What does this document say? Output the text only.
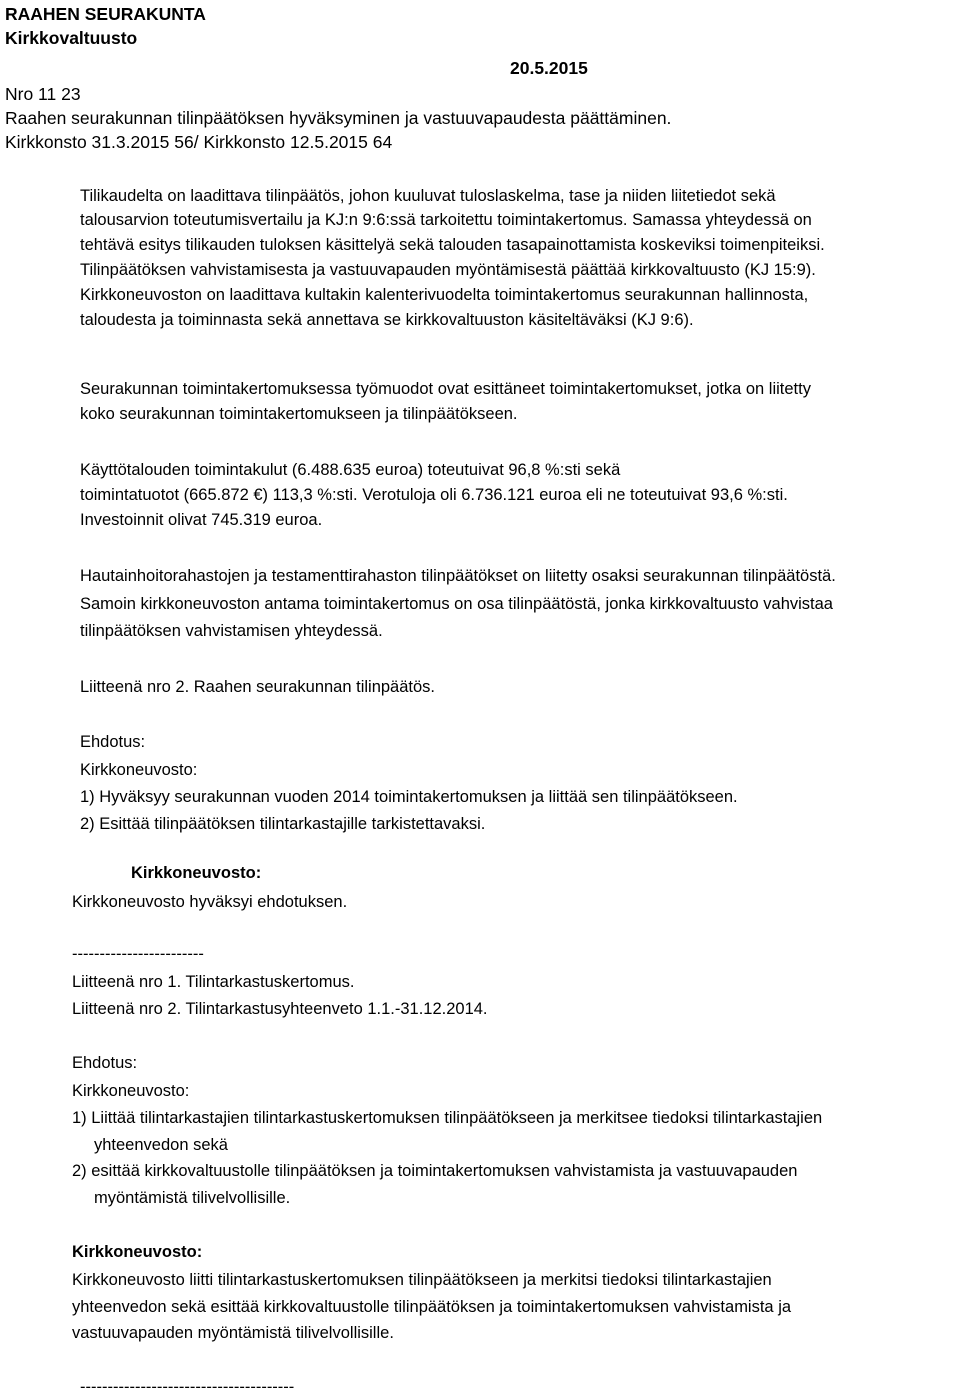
RAAHEN SEURAKUNTA
Kirkkovaltuusto
20.5.2015
Nro 11 23
Raahen seurakunnan tilinpäätöksen hyväksyminen ja vastuuvapaudesta päättäminen.
Kirkkonsto 31.3.2015 56/ Kirkkonsto 12.5.2015 64
Tilikaudelta on laadittava tilinpäätös, johon kuuluvat tuloslaskelma, tase ja niiden liitetiedot sekä
talousarvion toteutumisvertailu ja KJ:n 9:6:ssä tarkoitettu toimintakertomus. Samassa yhteydessä on
tehtävä esitys tilikauden tuloksen käsittelyä sekä talouden tasapainottamista koskeviksi toimenpiteiksi.
Tilinpäätöksen vahvistamisesta ja vastuuvapauden myöntämisestä päättää kirkkovaltuusto (KJ 15:9).
Kirkkoneuvoston on laadittava kultakin kalenterivuodelta toimintakertomus seurakunnan hallinnosta,
taloudesta ja toiminnasta sekä annettava se kirkkovaltuuston käsiteltäväksi (KJ 9:6).
Seurakunnan toimintakertomuksessa työmuodot ovat esittäneet toimintakertomukset, jotka on liitetty
koko seurakunnan toimintakertomukseen ja tilinpäätökseen.
Käyttötalouden toimintakulut (6.488.635 euroa) toteutuivat 96,8 %:sti sekä
toimintatuotot (665.872 €) 113,3 %:sti. Verotuloja oli 6.736.121 euroa eli ne toteutuivat 93,6 %:sti.
Investoinnit olivat 745.319 euroa.
Hautainhoitorahastojen ja testamenttirahaston tilinpäätökset on liitetty osaksi seurakunnan tilinpäätöstä.
Samoin kirkkoneuvoston antama toimintakertomus on osa tilinpäätöstä, jonka kirkkovaltuusto vahvistaa
tilinpäätöksen vahvistamisen yhteydessä.
Liitteenä nro 2. Raahen seurakunnan tilinpäätös.
Ehdotus:
Kirkkoneuvosto:
1) Hyväksyy seurakunnan vuoden 2014 toimintakertomuksen ja liittää sen tilinpäätökseen.
2) Esittää tilinpäätöksen tilintarkastajille tarkistettavaksi.
Kirkkoneuvosto:
Kirkkoneuvosto hyväksyi ehdotuksen.
------------------------
Liitteenä nro 1. Tilintarkastuskertomus.
Liitteenä nro 2. Tilintarkastusyhteenveto 1.1.-31.12.2014.
Ehdotus:
Kirkkoneuvosto:
1) Liittää tilintarkastajien tilintarkastuskertomuksen tilinpäätökseen ja merkitsee tiedoksi tilintarkastajien
yhteenvedon sekä
2) esittää kirkkovaltuustolle tilinpäätöksen ja toimintakertomuksen vahvistamista ja vastuuvapauden
myöntämistä tilivelvollisille.
Kirkkoneuvosto:
Kirkkoneuvosto liitti tilintarkastuskertomuksen tilinpäätökseen ja merkitsi tiedoksi tilintarkastajien
yhteenvedon sekä esittää kirkkovaltuustolle tilinpäätöksen ja toimintakertomuksen vahvistamista ja
vastuuvapauden myöntämistä tilivelvollisille.
---------------------------------------
